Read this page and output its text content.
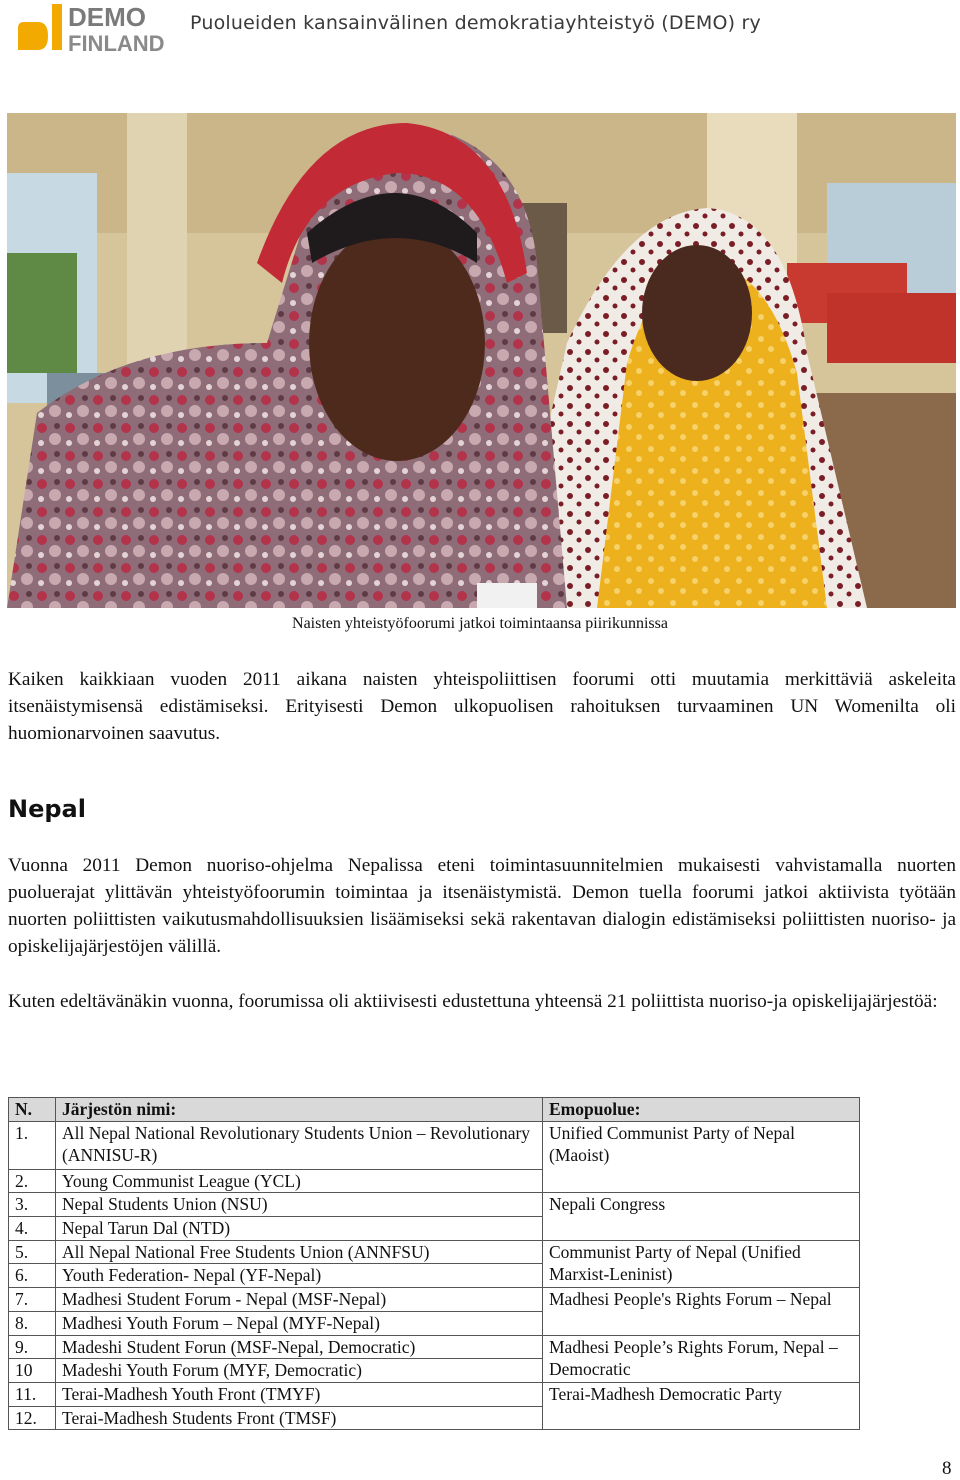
DEMO
FINLAND
Puolueiden kansainvälinen demokratiayhteistyö (DEMO) ry
Naisten yhteistyöfoorumi jatkoi toimintaansa piirikunnissa

Kaiken kaikkiaan vuoden 2011 aikana naisten yhteispoliittisen foorumi otti muutamia merkittäviä askeleita itsenäistymisensä edistämiseksi. Erityisesti Demon ulkopuolisen rahoituksen turvaaminen UN Womenilta oli huomionarvoinen saavutus.

Nepal

Vuonna 2011 Demon nuoriso-ohjelma Nepalissa eteni toimintasuunnitelmien mukaisesti vahvistamalla nuorten puoluerajat ylittävän yhteistyöfoorumin toimintaa ja itsenäistymistä. Demon tuella foorumi jatkoi aktiivista työtään nuorten poliittisten vaikutusmahdollisuuksien lisäämiseksi sekä rakentavan dialogin edistämiseksi poliittisten nuoriso- ja opiskelijajärjestöjen välillä.

Kuten edeltävänäkin vuonna, foorumissa oli aktiivisesti edustettuna yhteensä 21 poliittista nuoriso-ja opiskelijajärjestöä:

N.	Järjestön nimi:	Emopuolue:
1.	All Nepal National Revolutionary Students Union – Revolutionary (ANNISU-R)	Unified Communist Party of Nepal (Maoist)
2.	Young Communist League (YCL)	
3.	Nepal Students Union (NSU)	Nepali Congress
4.	Nepal Tarun Dal (NTD)	
5.	All Nepal National Free Students Union (ANNFSU)	Communist Party of Nepal (Unified Marxist-Leninist)
6.	Youth Federation- Nepal (YF-Nepal)	
7.	Madhesi Student Forum - Nepal (MSF-Nepal)	Madhesi People's Rights Forum – Nepal
8.	Madhesi Youth Forum – Nepal (MYF-Nepal)	
9.	Madeshi Student Forun (MSF-Nepal, Democratic)	Madhesi People’s Rights Forum, Nepal – Democratic
10	Madeshi Youth Forum (MYF, Democratic)	
11.	Terai-Madhesh Youth Front (TMYF)	Terai-Madhesh Democratic Party
12.	Terai-Madhesh Students Front (TMSF)	
8
